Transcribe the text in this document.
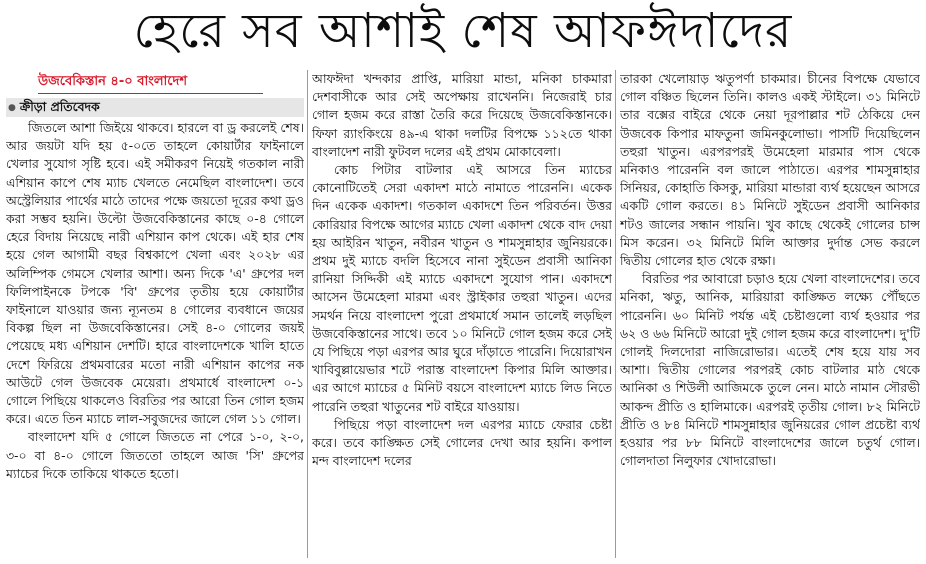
হেরে সব আশাই শেষ আফঈদাদের
উজবেকিস্তান ৪-০ বাংলাদেশ
● ক্রীড়া প্রতিবেদক

জিতলে আশা জিইয়ে থাকবে। হারলে বা ড্র করলেই শেষ। আর জয়টা যদি হয় ৫-০তে তাহলে কোয়ার্টার ফাইনালে খেলার সুযোগ সৃষ্টি হবে। এই সমীকরণ নিয়েই গতকাল নারী এশিয়ান কাপে শেষ ম্যাচ খেলতে নেমেছিল বাংলাদেশ। তবে অস্ট্রেলিয়ার পার্থের মাঠে তাদের পক্ষে জয়তো দূরের কথা ড্রও করা সম্ভব হয়নি। উল্টো উজবেকিস্তানের কাছে ০-৪ গোলে হেরে বিদায় নিয়েছে নারী এশিয়ান কাপ থেকে। এই হার শেষ হয়ে গেল আগামী বছর বিশ্বকাপে খেলা এবং ২০২৮ এর অলিম্পিক গেমসে খেলার আশা। অন্য দিকে 'এ' গ্রুপের দল ফিলিপাইনকে টপকে 'বি' গ্রুপের তৃতীয় হয়ে কোয়ার্টার ফাইনালে যাওয়ার জন্য ন্যূনতম ৪ গোলের ব্যবধানে জয়ের বিকল্প ছিল না উজবেকিস্তানের। সেই ৪-০ গোলের জয়ই পেয়েছে মধ্য এশিয়ান দেশটি। হারে বাংলাদেশকে খালি হাতে দেশে ফিরিয়ে প্রথমবারের মতো নারী এশিয়ান কাপের নক আউটে গেল উজবেক মেয়েরা। প্রথমার্ধে বাংলাদেশ ০-১ গোলে পিছিয়ে থাকলেও বিরতির পর আরো তিন গোল হজম করে। এতে তিন ম্যাচে লাল-সবুজদের জালে গেল ১১ গোল।

বাংলাদেশ যদি ৫ গোলে জিততে না পেরে ১-০, ২-০, ৩-০ বা ৪-০ গোলে জিততো তাহলে আজ 'সি' গ্রুপের ম্যাচের দিকে তাকিয়ে থাকতে হতো।

আফঈদা খন্দকার প্রাপ্তি, মারিয়া মান্ডা, মনিকা চাকমারা দেশবাসীকে আর সেই অপেক্ষায় রাখেননি। নিজেরাই চার গোল হজম করে রাস্তা তৈরি করে দিয়েছে উজবেকিস্তানকে। ফিফা র‍্যাংকিংয়ে ৪৯-এ থাকা দলটির বিপক্ষে ১১২তে থাকা বাংলাদেশ নারী ফুটবল দলের এই প্রথম মোকাবেলা।

কোচ পিটার বাটলার এই আসরে তিন ম্যাচের কোনোটিতেই সেরা একাদশ মাঠে নামাতে পারেননি। একেক দিন একেক একাদশ। গতকাল একাদশে তিন পরিবর্তন। উত্তর কোরিয়ার বিপক্ষে আগের ম্যাচে খেলা একাদশ থেকে বাদ দেয়া হয় আইরিন খাতুন, নবীরন খাতুন ও শামসুন্নাহার জুনিয়রকে। প্রথম দুই ম্যাচে বদলি হিসেবে নানা সুইডেন প্রবাসী আনিকা রানিয়া সিদ্দিকী এই ম্যাচে একাদশে সুযোগ পান। একাদশে আসেন উমেহেলা মারমা এবং স্ট্রাইকার তহুরা খাতুন। এদের সমর্থন নিয়ে বাংলাদেশ পুরো প্রথমার্ধে সমান তালেই লড়ছিল উজবেকিস্তানের সাথে। তবে ১০ মিনিটে গোল হজম করে সেই যে পিছিয়ে পড়া এরপর আর ঘুরে দাঁড়াতে পারেনি। দিয়োরাখন খাবিবুল্লায়েভার শটে পরাস্ত বাংলাদেশ কিপার মিলি আক্তার। এর আগে ম্যাচের ৫ মিনিট বয়সে বাংলাদেশ ম্যাচে লিড নিতে পারেনি তহুরা খাতুনের শট বাইরে যাওয়ায়।

পিছিয়ে পড়া বাংলাদেশ দল এরপর ম্যাচে ফেরার চেষ্টা করে। তবে কাঙ্ক্ষিত সেই গোলের দেখা আর হয়নি। কপাল মন্দ বাংলাদেশ দলের

তারকা খেলোয়াড় ঋতুপর্ণা চাকমার। চীনের বিপক্ষে যেভাবে গোল বঞ্চিত ছিলেন তিনি। কালও একই স্টাইলে। ৩১ মিনিটে তার বক্সের বাইরে থেকে নেয়া দূরপাল্লার শট ঠেকিয়ে দেন উজবেক কিপার মাফতুনা জমিনকুলোভা। পাসটি দিয়েছিলেন তহুরা খাতুন। এরপরপরই উমেহেলা মারমার পাস থেকে মনিকাও পারেননি বল জালে পাঠাতে। এরপর শামসুন্নাহার সিনিয়র, কোহাতি কিসকু, মারিয়া মান্ডারা ব্যর্থ হয়েছেন আসরে একটি গোল করতে। ৪১ মিনিটে সুইডেন প্রবাসী আনিকার শটও জালের সন্ধান পায়নি। খুব কাছে থেকেই গোলের চান্স মিস করেন। ৩২ মিনিটে মিলি আক্তার দুর্দান্ত সেভ করলে দ্বিতীয় গোলের হাত থেকে রক্ষা।

বিরতির পর আবারো চড়াও হয়ে খেলা বাংলাদেশের। তবে মনিকা, ঋতু, আনিক, মারিয়ারা কাঙ্ক্ষিত লক্ষ্যে পৌঁছতে পারেননি। ৬০ মিনিট পর্যন্ত এই চেষ্টাগুলো ব্যর্থ হওয়ার পর ৬২ ও ৬৬ মিনিটে আরো দুই গোল হজম করে বাংলাদেশ। দু'টি গোলই দিলদোরা নাজিরোভার। এতেই শেষ হয়ে যায় সব আশা। দ্বিতীয় গোলের পরপরই কোচ বাটলার মাঠ থেকে আনিকা ও শিউলী আজিমকে তুলে নেন। মাঠে নামান সৌরভী আকন্দ প্রীতি ও হালিমাকে। এরপরই তৃতীয় গোল। ৮২ মিনিটে প্রীতি ও ৮৪ মিনিটে শামসুন্নাহার জুনিয়রের গোল প্রচেষ্টা ব্যর্থ হওয়ার পর ৮৮ মিনিটে বাংলাদেশের জালে চতুর্থ গোল। গোলদাতা নিলুফার খোদারোভা।
